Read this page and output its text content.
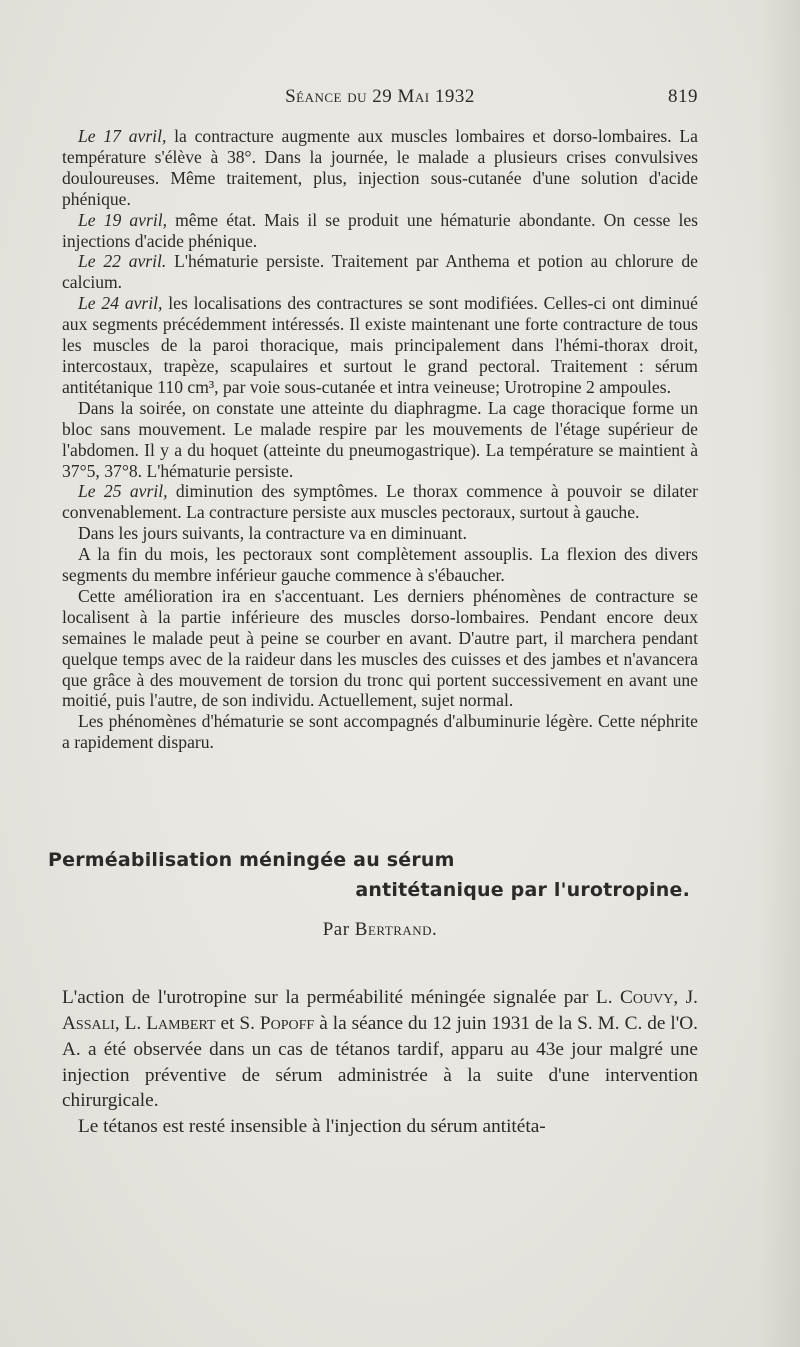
Séance du 29 Mai 1932	819

Le 17 avril, la contracture augmente aux muscles lombaires et dorso-lombaires. La température s'élève à 38°. Dans la journée, le malade a plusieurs crises convulsives douloureuses. Même traitement, plus, injection sous-cutanée d'une solution d'acide phénique.

Le 19 avril, même état. Mais il se produit une hématurie abondante. On cesse les injections d'acide phénique.

Le 22 avril. L'hématurie persiste. Traitement par Anthema et potion au chlorure de calcium.

Le 24 avril, les localisations des contractures se sont modifiées. Celles-ci ont diminué aux segments précédemment intéressés. Il existe maintenant une forte contracture de tous les muscles de la paroi thoracique, mais principalement dans l'hémi-thorax droit, intercostaux, trapèze, scapulaires et surtout le grand pectoral. Traitement : sérum antitétanique 110 cm³, par voie sous-cutanée et intra veineuse; Urotropine 2 ampoules.

Dans la soirée, on constate une atteinte du diaphragme. La cage thoracique forme un bloc sans mouvement. Le malade respire par les mouvements de l'étage supérieur de l'abdomen. Il y a du hoquet (atteinte du pneumogastrique). La température se maintient à 37°5, 37°8. L'hématurie persiste.

Le 25 avril, diminution des symptômes. Le thorax commence à pouvoir se dilater convenablement. La contracture persiste aux muscles pectoraux, surtout à gauche.

Dans les jours suivants, la contracture va en diminuant.

A la fin du mois, les pectoraux sont complètement assouplis. La flexion des divers segments du membre inférieur gauche commence à s'ébaucher.

Cette amélioration ira en s'accentuant. Les derniers phénomènes de contracture se localisent à la partie inférieure des muscles dorso-lombaires. Pendant encore deux semaines le malade peut à peine se courber en avant. D'autre part, il marchera pendant quelque temps avec de la raideur dans les muscles des cuisses et des jambes et n'avancera que grâce à des mouvement de torsion du tronc qui portent successivement en avant une moitié, puis l'autre, de son individu. Actuellement, sujet normal.

Les phénomènes d'hématurie se sont accompagnés d'albuminurie légère. Cette néphrite a rapidement disparu.

Perméabilisation méningée au sérum
antitétanique par l'urotropine.
Par Bertrand.

L'action de l'urotropine sur la perméabilité méningée signalée par L. Couvy, J. Assali, L. Lambert et S. Popoff à la séance du 12 juin 1931 de la S. M. C. de l'O. A. a été observée dans un cas de tétanos tardif, apparu au 43e jour malgré une injection préventive de sérum administrée à la suite d'une intervention chirurgicale.

Le tétanos est resté insensible à l'injection du sérum antitéta-
